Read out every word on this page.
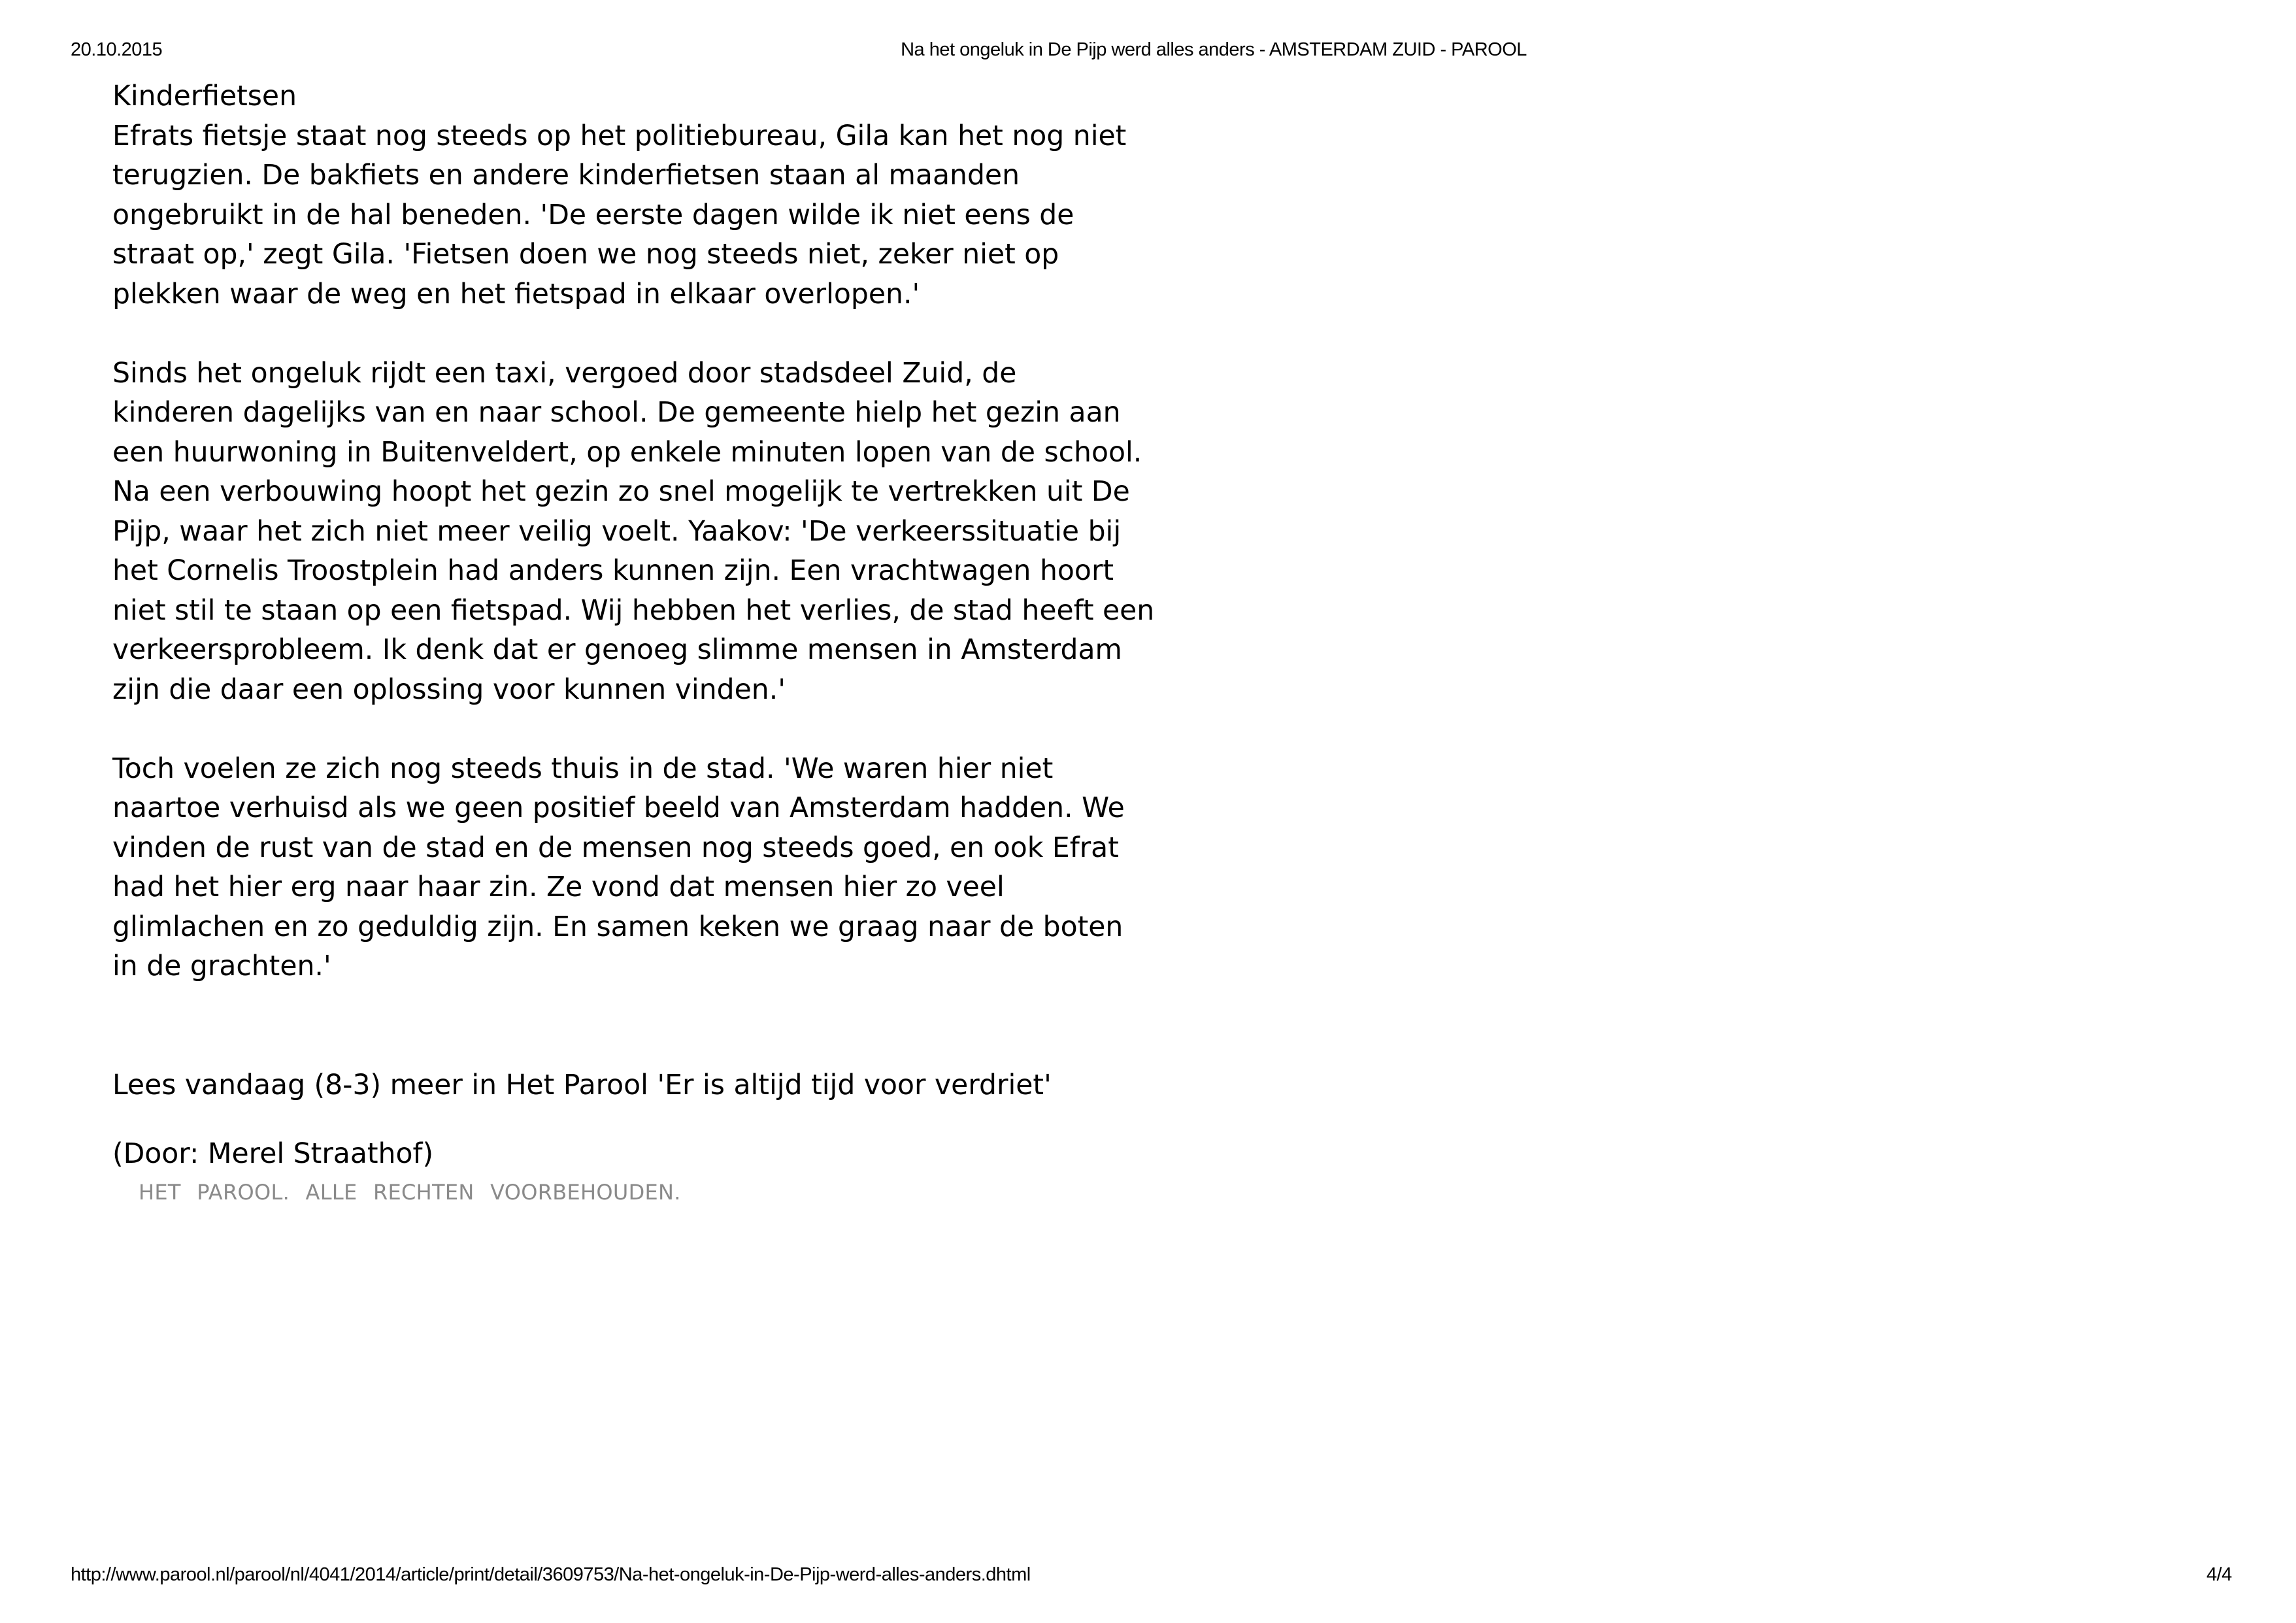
20.10.2015	Na het ongeluk in De Pijp werd alles anders - AMSTERDAM ZUID - PAROOL

Kinderfietsen

Efrats fietsje staat nog steeds op het politiebureau, Gila kan het nog niet
terugzien. De bakfiets en andere kinderfietsen staan al maanden
ongebruikt in de hal beneden. 'De eerste dagen wilde ik niet eens de
straat op,' zegt Gila. 'Fietsen doen we nog steeds niet, zeker niet op
plekken waar de weg en het fietspad in elkaar overlopen.'

Sinds het ongeluk rijdt een taxi, vergoed door stadsdeel Zuid, de
kinderen dagelijks van en naar school. De gemeente hielp het gezin aan
een huurwoning in Buitenveldert, op enkele minuten lopen van de school.
Na een verbouwing hoopt het gezin zo snel mogelijk te vertrekken uit De
Pijp, waar het zich niet meer veilig voelt. Yaakov: 'De verkeerssituatie bij
het Cornelis Troostplein had anders kunnen zijn. Een vrachtwagen hoort
niet stil te staan op een fietspad. Wij hebben het verlies, de stad heeft een
verkeersprobleem. Ik denk dat er genoeg slimme mensen in Amsterdam
zijn die daar een oplossing voor kunnen vinden.'

Toch voelen ze zich nog steeds thuis in de stad. 'We waren hier niet
naartoe verhuisd als we geen positief beeld van Amsterdam hadden. We
vinden de rust van de stad en de mensen nog steeds goed, en ook Efrat
had het hier erg naar haar zin. Ze vond dat mensen hier zo veel
glimlachen en zo geduldig zijn. En samen keken we graag naar de boten
in de grachten.'

Lees vandaag (8-3) meer in Het Parool 'Er is altijd tijd voor verdriet'

(Door: Merel Straathof)

HET PAROOL. ALLE RECHTEN VOORBEHOUDEN.
http://www.parool.nl/parool/nl/4041/2014/article/print/detail/3609753/Na-het-ongeluk-in-De-Pijp-werd-alles-anders.dhtml	4/4
